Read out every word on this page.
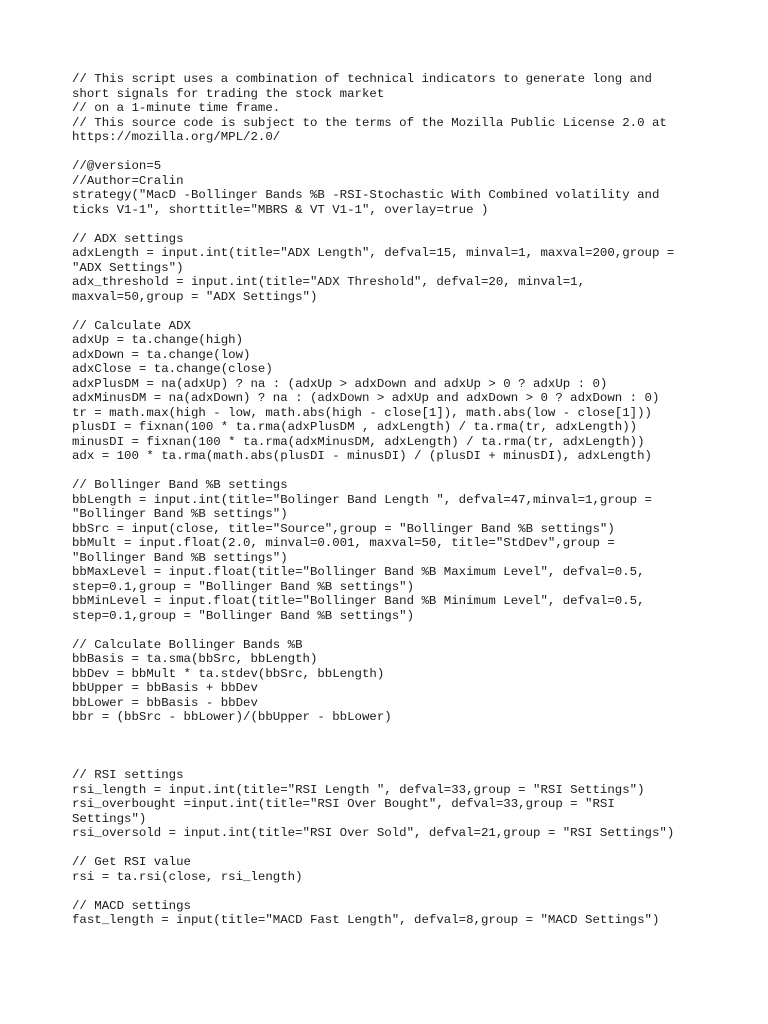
// This script uses a combination of technical indicators to generate long and
short signals for trading the stock market
// on a 1-minute time frame.
// This source code is subject to the terms of the Mozilla Public License 2.0 at
https://mozilla.org/MPL/2.0/
//@version=5
//Author=Cralin
strategy("MacD -Bollinger Bands %B -RSI-Stochastic With Combined volatility and
ticks V1-1", shorttitle="MBRS & VT V1-1", overlay=true )
// ADX settings
adxLength = input.int(title="ADX Length", defval=15, minval=1, maxval=200,group =
"ADX Settings")
adx_threshold = input.int(title="ADX Threshold", defval=20, minval=1,
maxval=50,group = "ADX Settings")
// Calculate ADX
adxUp = ta.change(high)
adxDown = ta.change(low)
adxClose = ta.change(close)
adxPlusDM = na(adxUp) ? na : (adxUp > adxDown and adxUp > 0 ? adxUp : 0)
adxMinusDM = na(adxDown) ? na : (adxDown > adxUp and adxDown > 0 ? adxDown : 0)
tr = math.max(high - low, math.abs(high - close[1]), math.abs(low - close[1]))
plusDI = fixnan(100 * ta.rma(adxPlusDM , adxLength) / ta.rma(tr, adxLength))
minusDI = fixnan(100 * ta.rma(adxMinusDM, adxLength) / ta.rma(tr, adxLength))
adx = 100 * ta.rma(math.abs(plusDI - minusDI) / (plusDI + minusDI), adxLength)
// Bollinger Band %B settings
bbLength = input.int(title="Bolinger Band Length ", defval=47,minval=1,group =
"Bollinger Band %B settings")
bbSrc = input(close, title="Source",group = "Bollinger Band %B settings")
bbMult = input.float(2.0, minval=0.001, maxval=50, title="StdDev",group =
"Bollinger Band %B settings")
bbMaxLevel = input.float(title="Bollinger Band %B Maximum Level", defval=0.5,
step=0.1,group = "Bollinger Band %B settings")
bbMinLevel = input.float(title="Bollinger Band %B Minimum Level", defval=0.5,
step=0.1,group = "Bollinger Band %B settings")
// Calculate Bollinger Bands %B
bbBasis = ta.sma(bbSrc, bbLength)
bbDev = bbMult * ta.stdev(bbSrc, bbLength)
bbUpper = bbBasis + bbDev
bbLower = bbBasis - bbDev
bbr = (bbSrc - bbLower)/(bbUpper - bbLower)
// RSI settings
rsi_length = input.int(title="RSI Length ", defval=33,group = "RSI Settings")
rsi_overbought =input.int(title="RSI Over Bought", defval=33,group = "RSI
Settings")
rsi_oversold = input.int(title="RSI Over Sold", defval=21,group = "RSI Settings")
// Get RSI value
rsi = ta.rsi(close, rsi_length)
// MACD settings
fast_length = input(title="MACD Fast Length", defval=8,group = "MACD Settings")
